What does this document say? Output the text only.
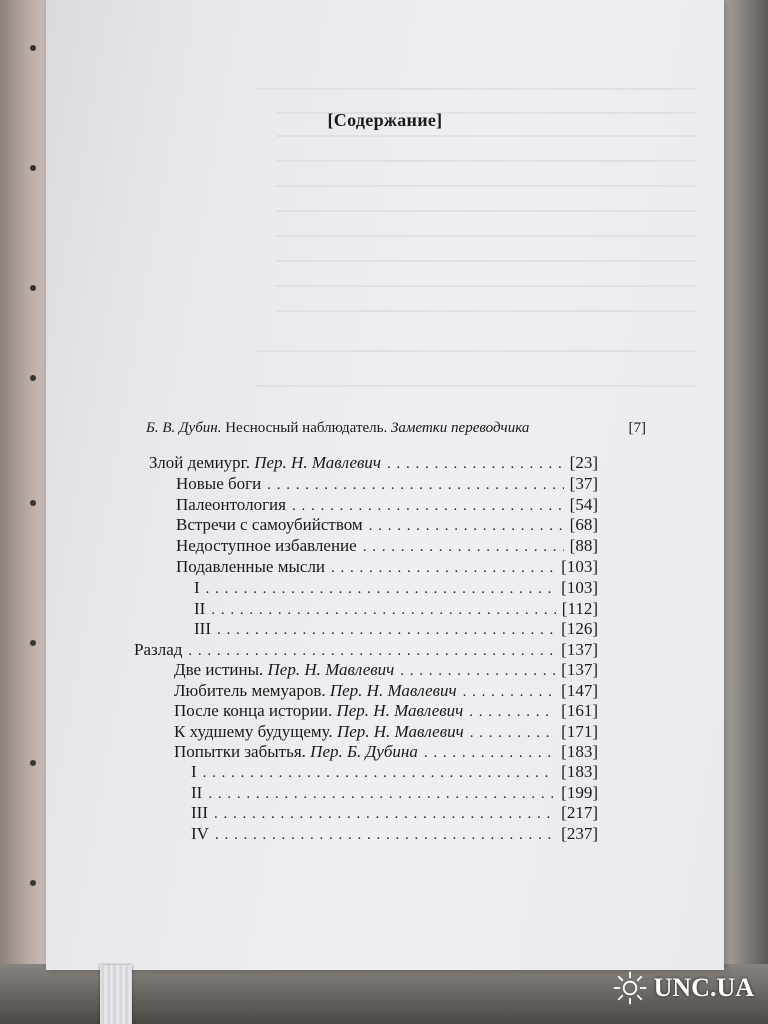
[Содержание]
Б. В. Дубин. Несносный наблюдатель. Заметки переводчика	[7]
Злой демиург. Пер. Н. Мавлевич . . .	[23]
Новые боги . . .	[37]
Палеонтология . . .	[54]
Встречи с самоубийством . . .	[68]
Недоступное избавление . . .	[88]
Подавленные мысли . . .	[103]
I . . .	[103]
II . . .	[112]
III . . .	[126]
Разлад . . .	[137]
Две истины. Пер. Н. Мавлевич . . .	[137]
Любитель мемуаров. Пер. Н. Мавлевич . . .	[147]
После конца истории. Пер. Н. Мавлевич . . .	[161]
К худшему будущему. Пер. Н. Мавлевич . . .	[171]
Попытки забытья. Пер. Б. Дубина . . .	[183]
I . . .	[183]
II . . .	[199]
III . . .	[217]
IV . . .	[237]
UNC.UA
